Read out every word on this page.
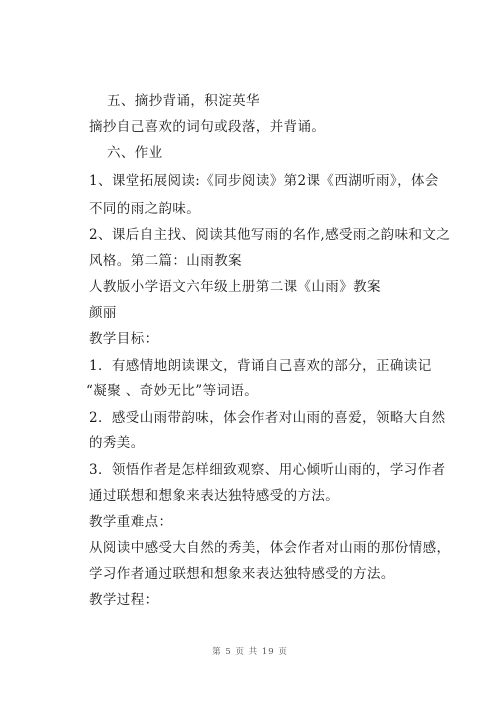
五、摘抄背诵，积淀英华
摘抄自己喜欢的词句或段落，并背诵。
六、作业
1、课堂拓展阅读:《同步阅读》第2课《西湖听雨》，体会
不同的雨之韵味。
2、课后自主找、阅读其他写雨的名作,感受雨之韵味和文之
风格。第二篇：山雨教案
人教版小学语文六年级上册第二课《山雨》教案
颜丽
教学目标：
1．有感情地朗读课文，背诵自己喜欢的部分，正确读记
“凝聚 、奇妙无比”等词语。
2．感受山雨带韵味，体会作者对山雨的喜爱，领略大自然
的秀美。
3．领悟作者是怎样细致观察、用心倾听山雨的，学习作者
通过联想和想象来表达独特感受的方法。
教学重难点：
从阅读中感受大自然的秀美，体会作者对山雨的那份情感，
学习作者通过联想和想象来表达独特感受的方法。
教学过程：
第 5 页 共 19 页
